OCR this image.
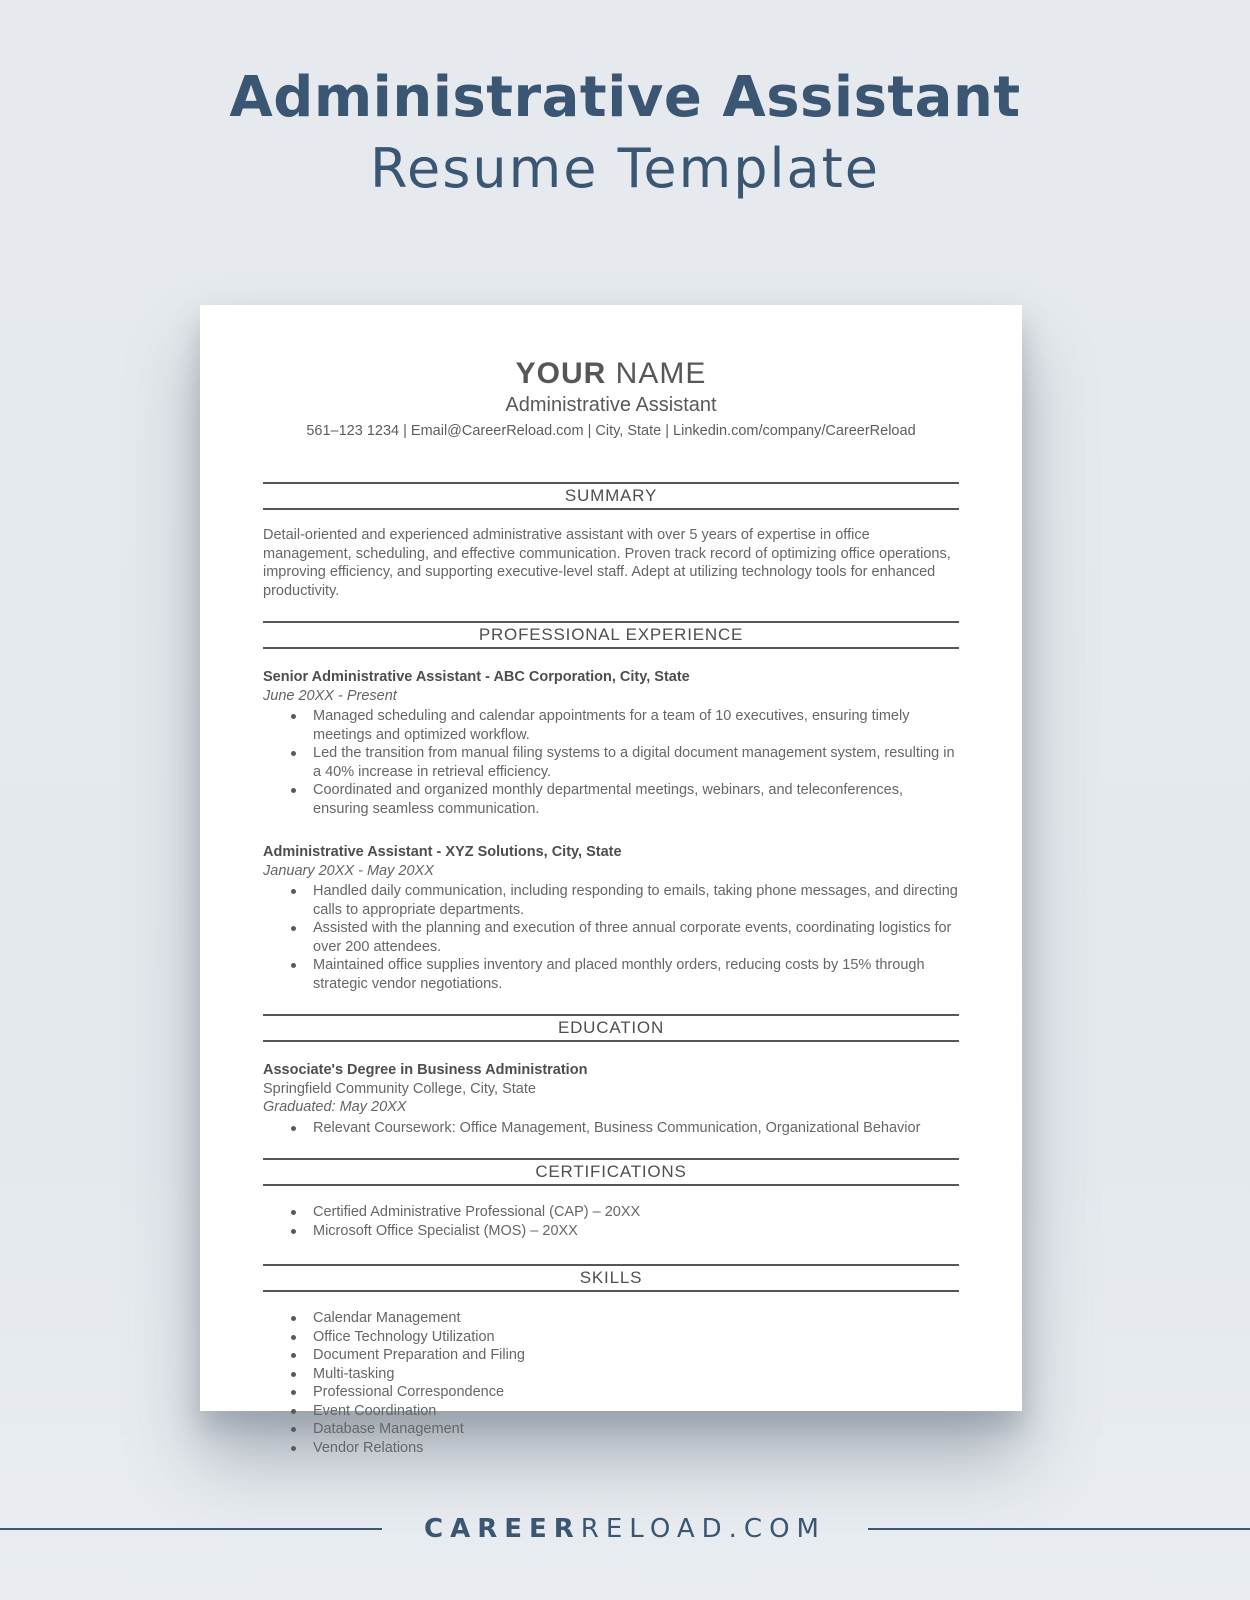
Administrative Assistant
Resume Template
YOUR NAME
Administrative Assistant
561–123 1234 | Email@CareerReload.com | City, State | Linkedin.com/company/CareerReload
SUMMARY

Detail-oriented and experienced administrative assistant with over 5 years of expertise in office management, scheduling, and effective communication. Proven track record of optimizing office operations, improving efficiency, and supporting executive-level staff. Adept at utilizing technology tools for enhanced productivity.

PROFESSIONAL EXPERIENCE
Senior Administrative Assistant - ABC Corporation, City, State
June 20XX - Present
Managed scheduling and calendar appointments for a team of 10 executives, ensuring timely meetings and optimized workflow.
Led the transition from manual filing systems to a digital document management system, resulting in a 40% increase in retrieval efficiency.
Coordinated and organized monthly departmental meetings, webinars, and teleconferences, ensuring seamless communication.
Administrative Assistant - XYZ Solutions, City, State
January 20XX - May 20XX
Handled daily communication, including responding to emails, taking phone messages, and directing calls to appropriate departments.
Assisted with the planning and execution of three annual corporate events, coordinating logistics for over 200 attendees.
Maintained office supplies inventory and placed monthly orders, reducing costs by 15% through strategic vendor negotiations.
EDUCATION
Associate's Degree in Business Administration
Springfield Community College, City, State
Graduated: May 20XX
Relevant Coursework: Office Management, Business Communication, Organizational Behavior
CERTIFICATIONS
Certified Administrative Professional (CAP) – 20XX
Microsoft Office Specialist (MOS) – 20XX
SKILLS
Calendar Management
Office Technology Utilization
Document Preparation and Filing
Multi-tasking
Professional Correspondence
Event Coordination
Database Management
Vendor Relations
CAREERRELOAD.COM
